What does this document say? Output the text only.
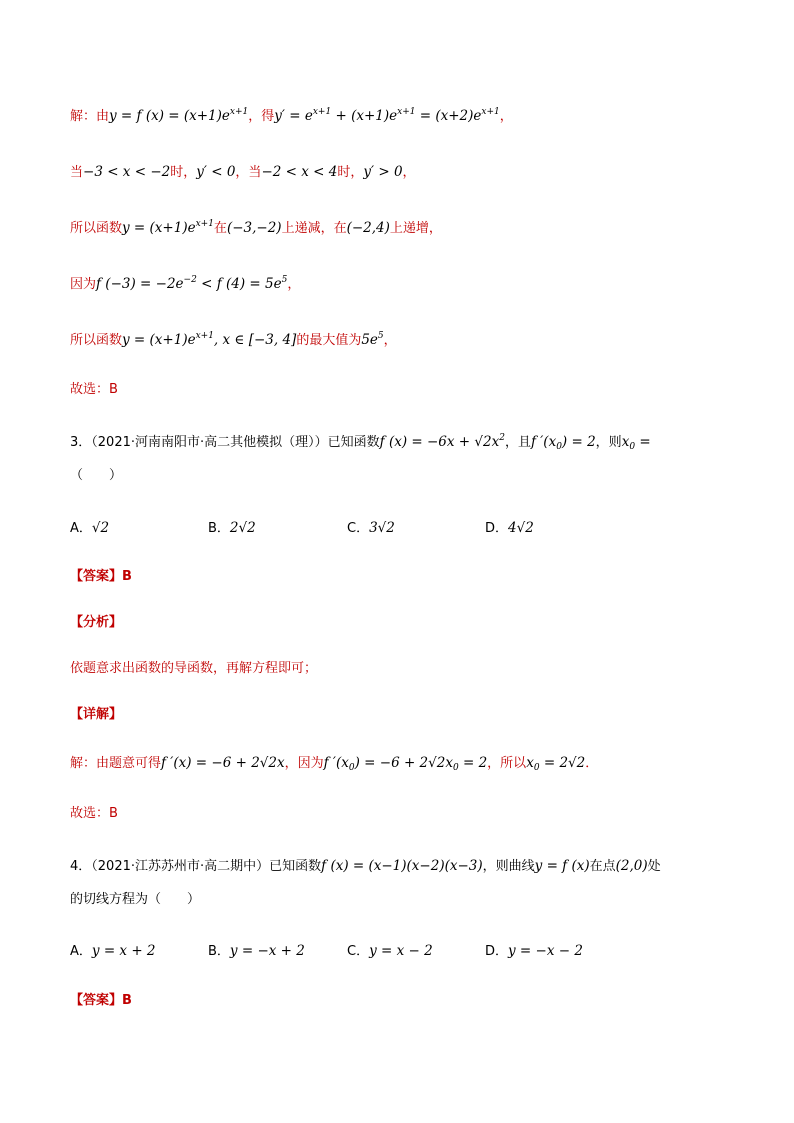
解：由y = f $(x) = (x+1)e^{x+1}$，得$y' = e^{x+1} + (x+1)e^{x+1} = (x+2)e^{x+1}$，
当−3 < x < −2时，y′ < 0，当−2 < x < 4时，y′ > 0，
所以函数$y = (x+1)e^{x+1}$在(−3,−2)上递减，在(−2,4)上递增，
因为f $(-3) = -2e^{-2} < f$ $(4) = 5e^5$，
所以函数$y = (x+1)e^{x+1}$, x ∈ [−3, 4]的最大值为$5e^5$，
故选：B
3．（2021·河南南阳市·高二其他模拟（理））已知函数f $(x) = -6x + √2x^2$，且f $'(x_0) = 2$，则$x_0$ =
（　　）
A．√2	B．2√2	C．3√2	D．4√2
【答案】B
【分析】
依题意求出函数的导函数，再解方程即可；
【详解】
解：由题意可得f ′(x) = −6 + 2√2x，因为f $'(x_0) = -6 + 2√2x_0 = 2$，所以$x_0 = 2√2$．
故选：B
4．（2021·江苏苏州市·高二期中）已知函数f (x) = (x−1)(x−2)(x−3)，则曲线y = f (x)在点(2,0)处
的切线方程为（　　）
A．y = x + 2	B．y = −x + 2	C．y = x − 2	D．y = −x − 2
【答案】B
